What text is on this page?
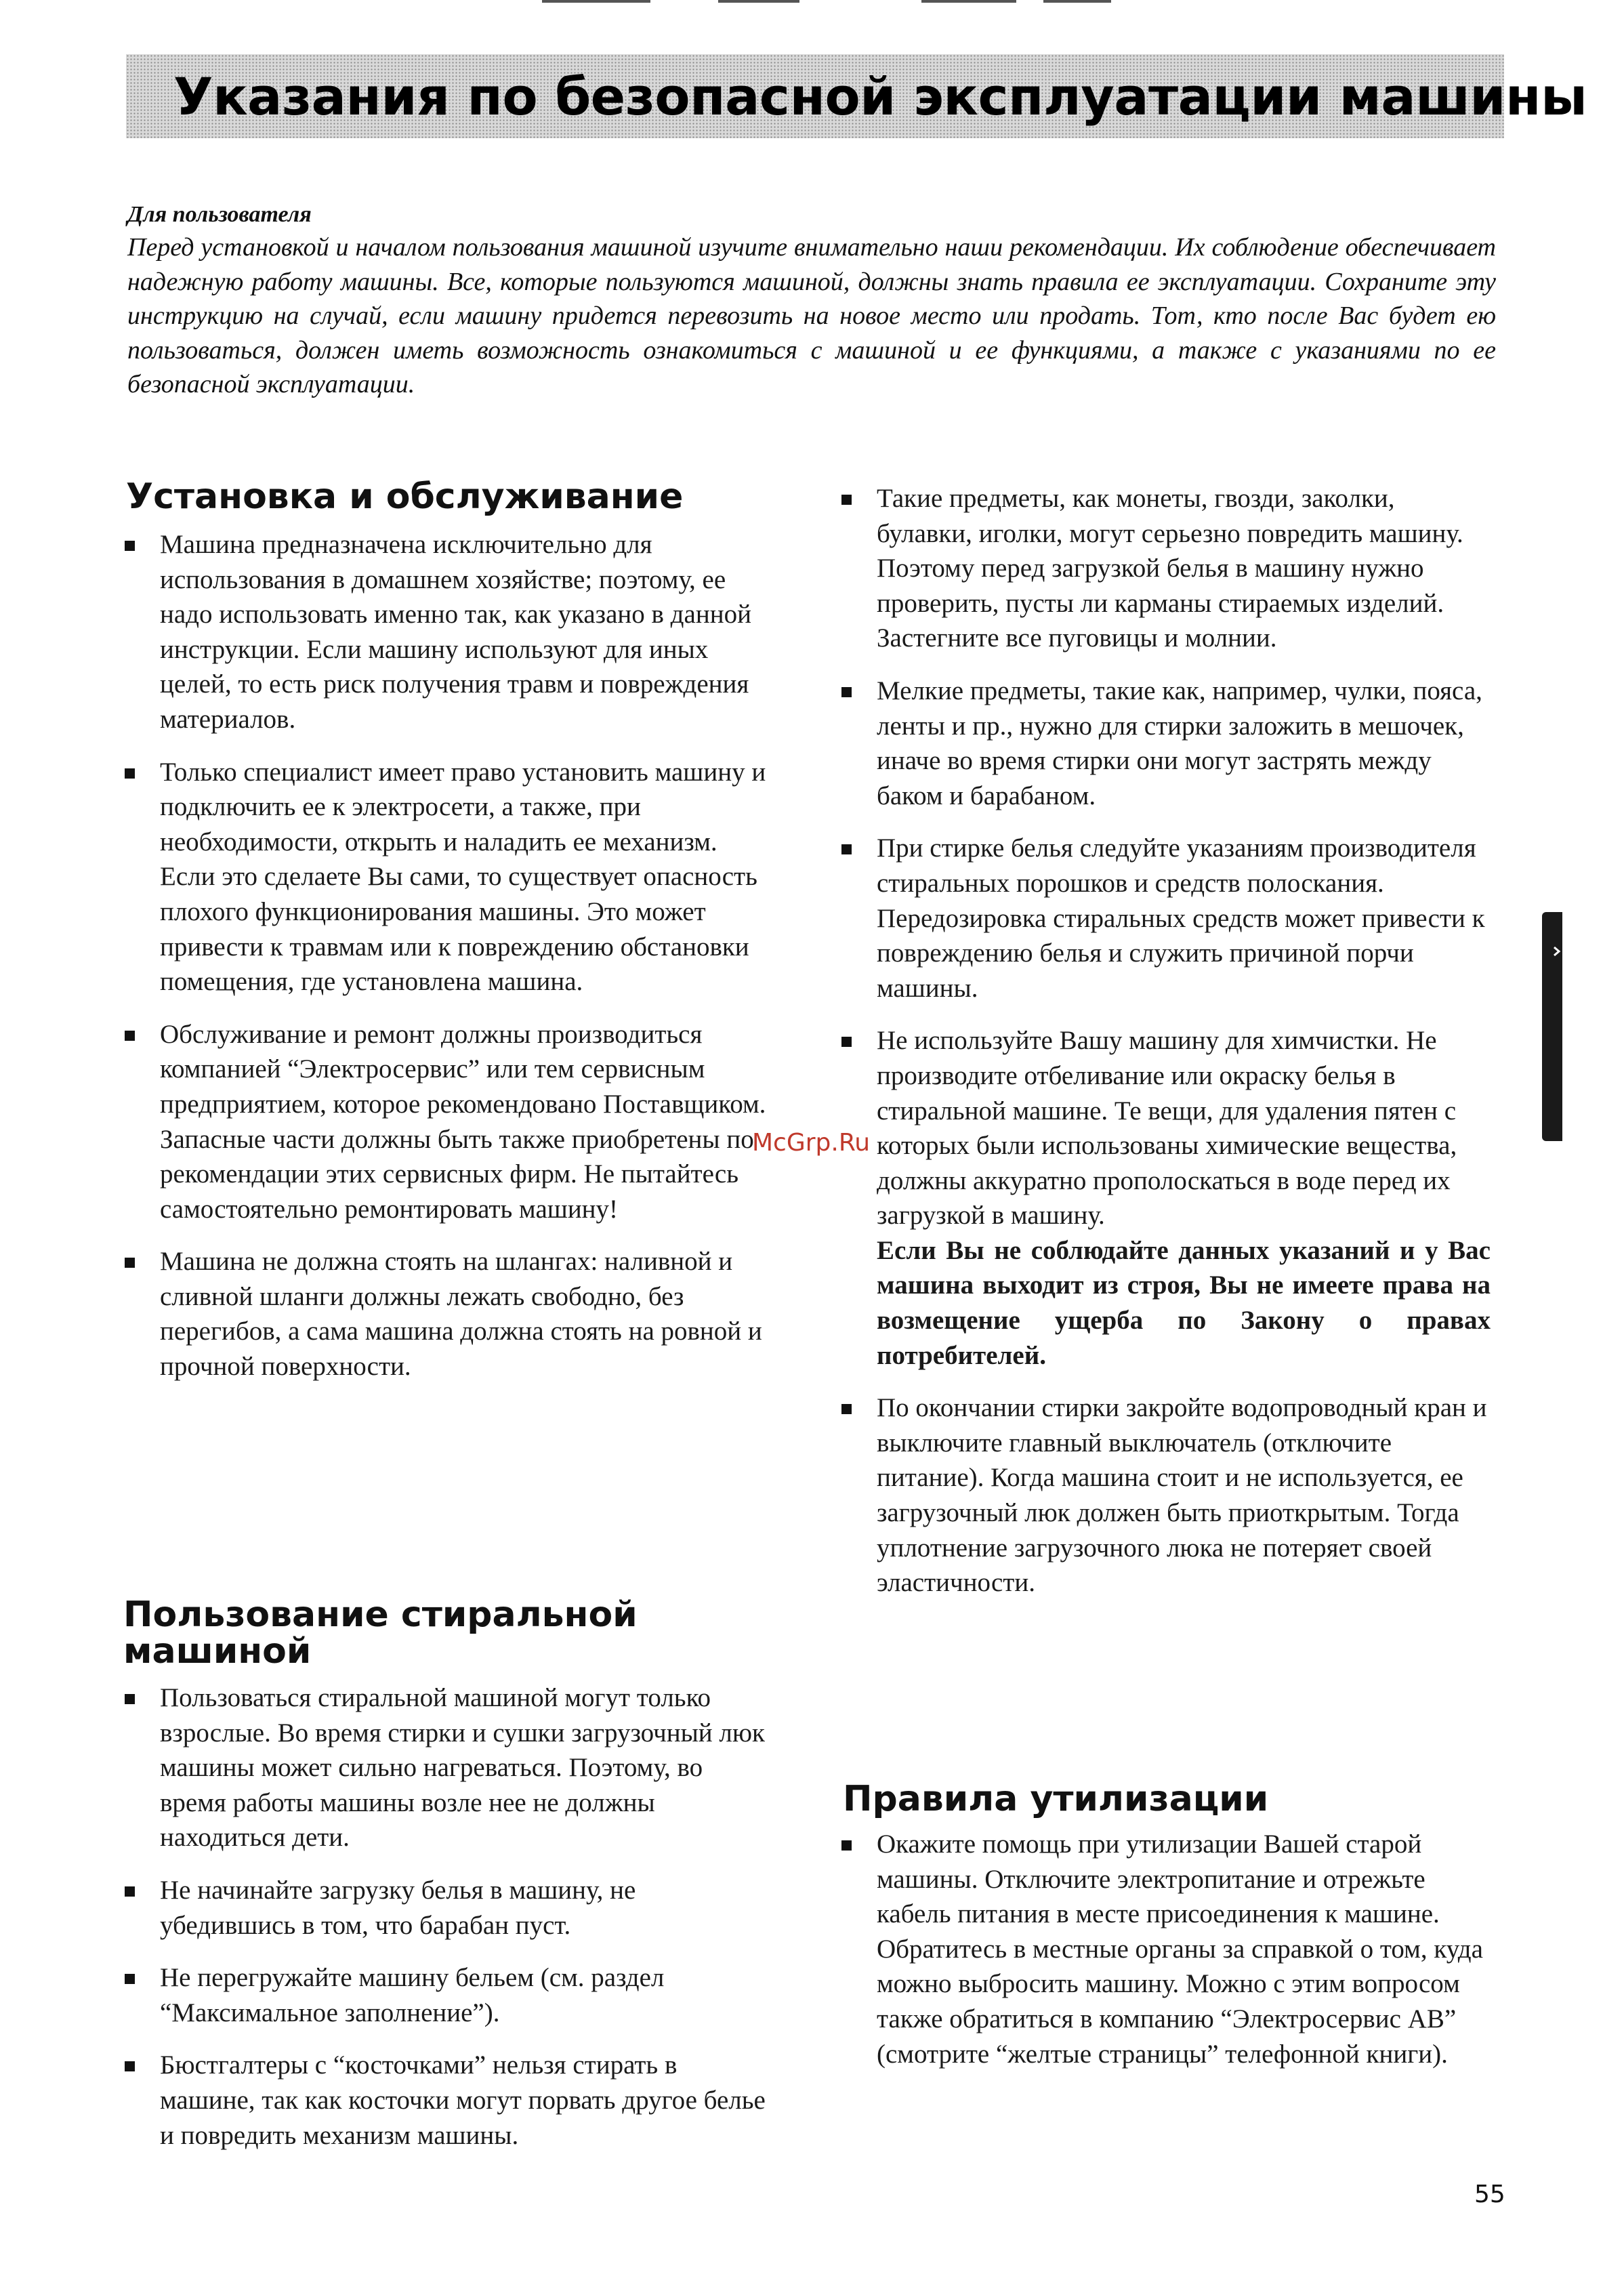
Указания по безопасной эксплуатации машины
Для пользователя
Перед установкой и началом пользования машиной изучите внимательно наши рекомендации. Их соблюдение обеспечивает надежную работу машины. Все, которые пользуются машиной, должны знать правила ее эксплуатации. Сохраните эту инструкцию на случай, если машину придется перевозить на новое место или продать. Тот, кто после Вас будет ею пользоваться, должен иметь возможность ознакомиться с машиной и ее функциями, а также с указаниями по ее безопасной эксплуатации.
Установка и обслуживание
Машина предназначена исключительно для использования в домашнем хозяйстве; поэтому, ее надо использовать именно так, как указано в данной инструкции. Если машину используют для иных целей, то есть риск получения травм и повреждения материалов.
Только специалист имеет право установить машину и подключить ее к электросети, а также, при необходимости, открыть и наладить ее механизм.
Если это сделаете Вы сами, то существует опасность плохого функционирования машины. Это может привести к травмам или к повреждению обстановки помещения, где установлена машина.
Обслуживание и ремонт должны производиться компанией “Электросервис” или тем сервисным предприятием, которое рекомендовано Поставщиком. Запасные части должны быть также приобретены по рекомендации этих сервисных фирм. Не пытайтесь самостоятельно ремонтировать машину!
Машина не должна стоять на шлангах: наливной и сливной шланги должны лежать свободно, без перегибов, а сама машина должна стоять на ровной и прочной поверхности.
Пользование стиральной машиной
Пользоваться стиральной машиной могут только взрослые. Во время стирки и сушки загрузочный люк машины может сильно нагреваться. Поэтому, во время работы машины возле нее не должны находиться дети.
Не начинайте загрузку белья в машину, не убедившись в том, что барабан пуст.
Не перегружайте машину бельем (см. раздел “Максимальное заполнение”).
Бюстгалтеры с “косточками” нельзя стирать в машине, так как косточки могут порвать другое белье и повредить механизм машины.
Такие предметы, как монеты, гвозди, заколки, булавки, иголки, могут серьезно повредить машину. Поэтому перед загрузкой белья в машину нужно проверить, пусты ли карманы стираемых изделий. Застегните все пуговицы и молнии.
Мелкие предметы, такие как, например, чулки, пояса, ленты и пр., нужно для стирки заложить в мешочек, иначе во время стирки они могут застрять между баком и барабаном.
При стирке белья следуйте указаниям производителя стиральных порошков и средств полоскания. Передозировка стиральных средств может привести к повреждению белья и служить причиной порчи машины.
Не используйте Вашу машину для химчистки. Не производите отбеливание или окраску белья в стиральной машине. Те вещи, для удаления пятен с которых были использованы химические вещества, должны аккуратно прополоскаться в воде перед их загрузкой в машину.
Если Вы не соблюдайте данных указаний и у Вас машина выходит из строя, Вы не имеете права на возмещение ущерба по Закону о правах потребителей.
По окончании стирки закройте водопроводный кран и выключите главный выключатель (отключите питание). Когда машина стоит и не используется, ее загрузочный люк должен быть приоткрытым. Тогда уплотнение загрузочного люка не потеряет своей эластичности.
Правила утилизации
Окажите помощь при утилизации Вашей старой машины. Отключите электропитание и отрежьте кабель питания в месте присоединения к машине. Обратитесь в местные органы за справкой о том, куда можно выбросить машину. Можно с этим вопросом также обратиться в компанию “Электросервис АВ” (смотрите “желтые страницы” телефонной книги).
McGrp.Ru
55
